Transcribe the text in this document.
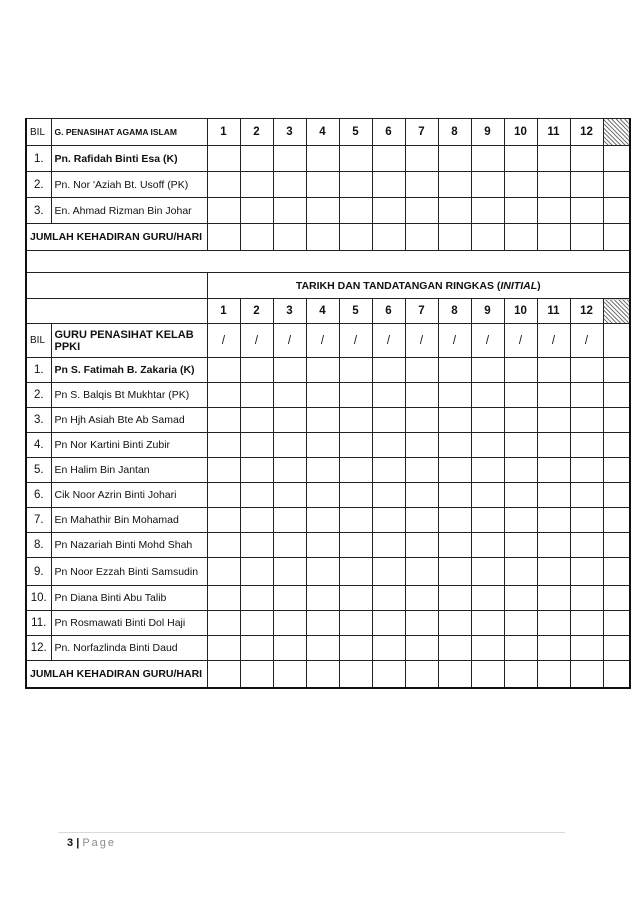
BIL	G. PENASIHAT AGAMA ISLAM	1	2	3	4	5	6	7	8	9	10	11	12	
1.	Pn. Rafidah Binti Esa (K)													
2.	Pn. Nor 'Aziah Bt. Usoff (PK)													
3.	En. Ahmad Rizman Bin Johar													
JUMLAH KEHADIRAN GURU/HARI														

		TARIKH DAN TANDATANGAN RINGKAS (INITIAL)												
		1	2	3	4	5	6	7	8	9	10	11	12	
BIL	GURU PENASIHAT KELAB PPKI	/	/	/	/	/	/	/	/	/	/	/	/	
1.	Pn S. Fatimah B. Zakaria (K)													
2.	Pn S. Balqis Bt Mukhtar (PK)													
3.	Pn Hjh Asiah Bte Ab Samad													
4.	Pn Nor Kartini Binti Zubir													
5.	En Halim Bin Jantan													
6.	Cik Noor Azrin Binti Johari													
7.	En Mahathir Bin Mohamad													
8.	Pn Nazariah Binti Mohd Shah													
9.	Pn Noor Ezzah Binti Samsudin													
10.	Pn Diana Binti Abu Talib													
11.	Pn Rosmawati Binti Dol Haji													
12.	Pn. Norfazlinda Binti Daud													
JUMLAH KEHADIRAN GURU/HARI														
3 | Page
